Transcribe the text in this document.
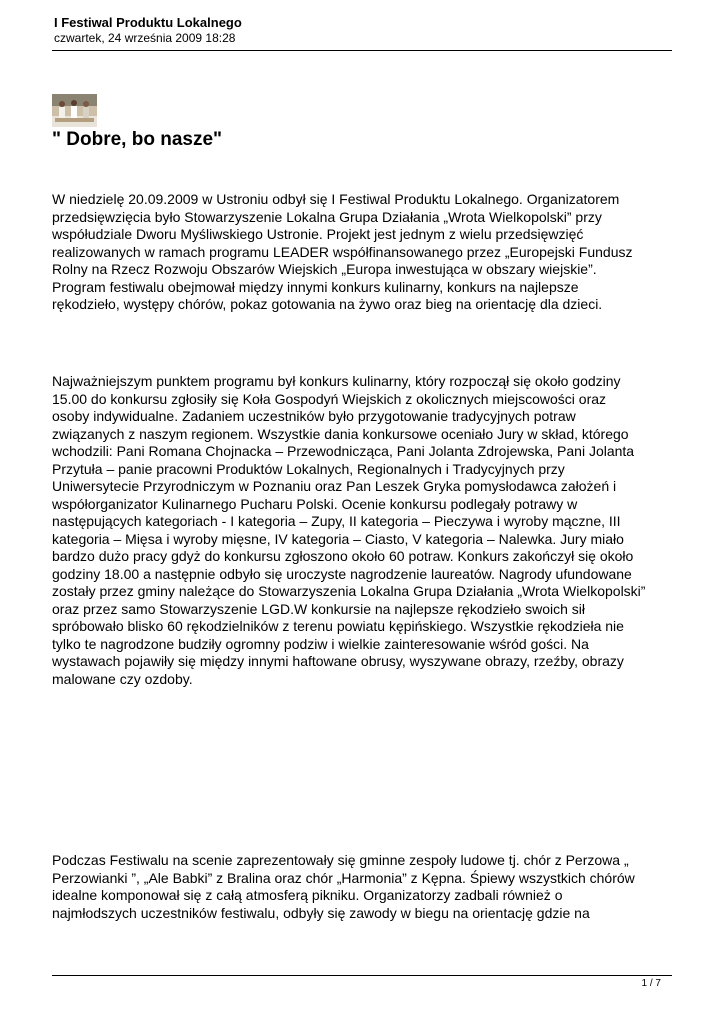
I Festiwal Produktu Lokalnego
czwartek, 24 września 2009 18:28
" Dobre, bo nasze"
W niedzielę 20.09.2009 w Ustroniu odbył się I Festiwal Produktu Lokalnego. Organizatorem
przedsięwzięcia było Stowarzyszenie Lokalna Grupa Działania „Wrota Wielkopolski” przy
współudziale Dworu Myśliwskiego Ustronie. Projekt jest jednym z wielu przedsięwzięć
realizowanych w ramach programu LEADER współfinansowanego przez „Europejski Fundusz
Rolny na Rzecz Rozwoju Obszarów Wiejskich „Europa inwestująca w obszary wiejskie”.
Program festiwalu obejmował między innymi konkurs kulinarny, konkurs na najlepsze
rękodzieło, występy chórów, pokaz gotowania na żywo oraz bieg na orientację dla dzieci.
Najważniejszym punktem programu był konkurs kulinarny, który rozpoczął się około godziny
15.00 do konkursu zgłosiły się Koła Gospodyń Wiejskich z okolicznych miejscowości oraz
osoby indywidualne. Zadaniem uczestników było przygotowanie tradycyjnych potraw
związanych z naszym regionem. Wszystkie dania konkursowe oceniało Jury w skład, którego
wchodzili: Pani Romana Chojnacka – Przewodnicząca, Pani Jolanta Zdrojewska, Pani Jolanta
Przytuła – panie pracowni Produktów Lokalnych, Regionalnych i Tradycyjnych przy
Uniwersytecie Przyrodniczym w Poznaniu oraz Pan Leszek Gryka pomysłodawca założeń i
współorganizator Kulinarnego Pucharu Polski. Ocenie konkursu podlegały potrawy w
następujących kategoriach - I kategoria – Zupy, II kategoria – Pieczywa i wyroby mączne, III
kategoria – Mięsa i wyroby mięsne, IV kategoria – Ciasto, V kategoria – Nalewka. Jury miało
bardzo dużo pracy gdyż do konkursu zgłoszono około 60 potraw. Konkurs zakończył się około
godziny 18.00 a następnie odbyło się uroczyste nagrodzenie laureatów. Nagrody ufundowane
zostały przez gminy należące do Stowarzyszenia Lokalna Grupa Działania „Wrota Wielkopolski”
oraz przez samo Stowarzyszenie LGD.W konkursie na najlepsze rękodzieło swoich sił
spróbowało blisko 60 rękodzielników z terenu powiatu kępińskiego. Wszystkie rękodzieła nie
tylko te nagrodzone budziły ogromny podziw i wielkie zainteresowanie wśród gości. Na
wystawach pojawiły się między innymi haftowane obrusy, wyszywane obrazy, rzeźby, obrazy
malowane czy ozdoby.
Podczas Festiwalu na scenie zaprezentowały się gminne zespoły ludowe tj. chór z Perzowa „
Perzowianki ”, „Ale Babki” z Bralina oraz chór „Harmonia” z Kępna. Śpiewy wszystkich chórów
idealne komponował się z całą atmosferą pikniku. Organizatorzy zadbali również o
najmłodszych uczestników festiwalu, odbyły się zawody w biegu na orientację gdzie na
1 / 7
